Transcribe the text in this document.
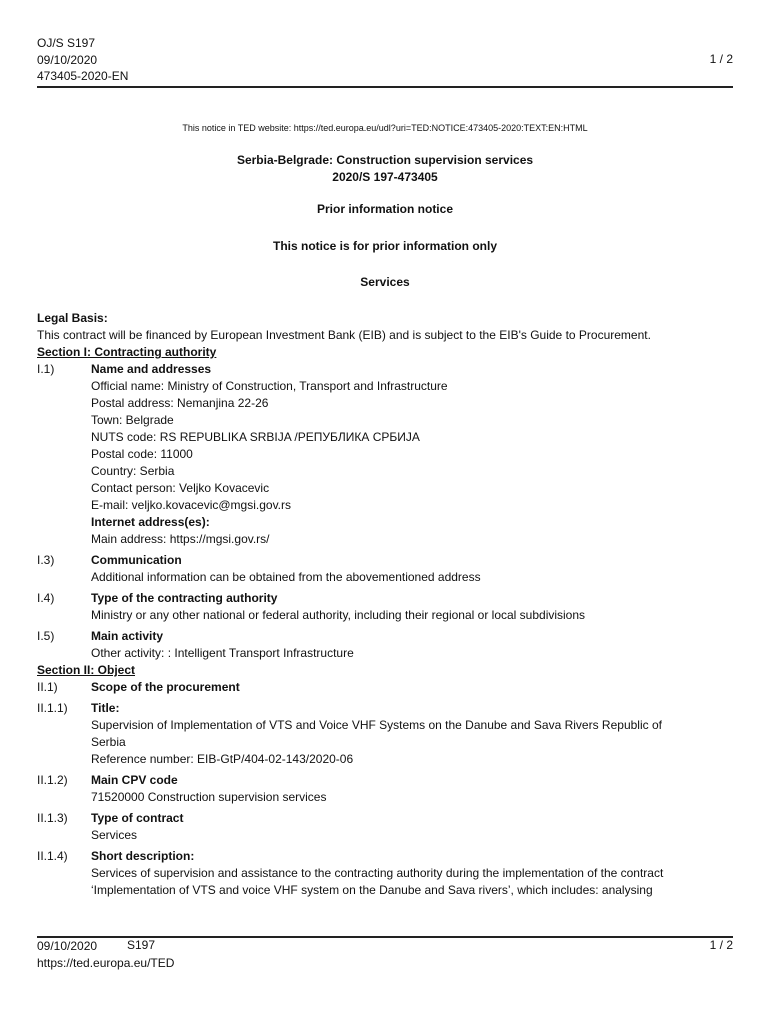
OJ/S S197
09/10/2020
473405-2020-EN
1 / 2
This notice in TED website: https://ted.europa.eu/udl?uri=TED:NOTICE:473405-2020:TEXT:EN:HTML
Serbia-Belgrade: Construction supervision services
2020/S 197-473405
Prior information notice
This notice is for prior information only
Services
Legal Basis:
This contract will be financed by European Investment Bank (EIB) and is subject to the EIB's Guide to Procurement.
Section I: Contracting authority
I.1)	Name and addresses
Official name: Ministry of Construction, Transport and Infrastructure
Postal address: Nemanjina 22-26
Town: Belgrade
NUTS code: RS REPUBLIKA SRBIJA /РЕПУБЛИКА СРБИЈА
Postal code: 11000
Country: Serbia
Contact person: Veljko Kovacevic
E-mail: veljko.kovacevic@mgsi.gov.rs
Internet address(es):
Main address: https://mgsi.gov.rs/
I.3)	Communication
Additional information can be obtained from the abovementioned address
I.4)	Type of the contracting authority
Ministry or any other national or federal authority, including their regional or local subdivisions
I.5)	Main activity
Other activity: : Intelligent Transport Infrastructure
Section II: Object
II.1)	Scope of the procurement
II.1.1)	Title:
Supervision of Implementation of VTS and Voice VHF Systems on the Danube and Sava Rivers Republic of
Serbia
Reference number: EIB-GtP/404-02-143/2020-06
II.1.2)	Main CPV code
71520000 Construction supervision services
II.1.3)	Type of contract
Services
II.1.4)	Short description:
Services of supervision and assistance to the contracting authority during the implementation of the contract
‘Implementation of VTS and voice VHF system on the Danube and Sava rivers’, which includes: analysing
09/10/2020
https://ted.europa.eu/TED
S197	1 / 2
